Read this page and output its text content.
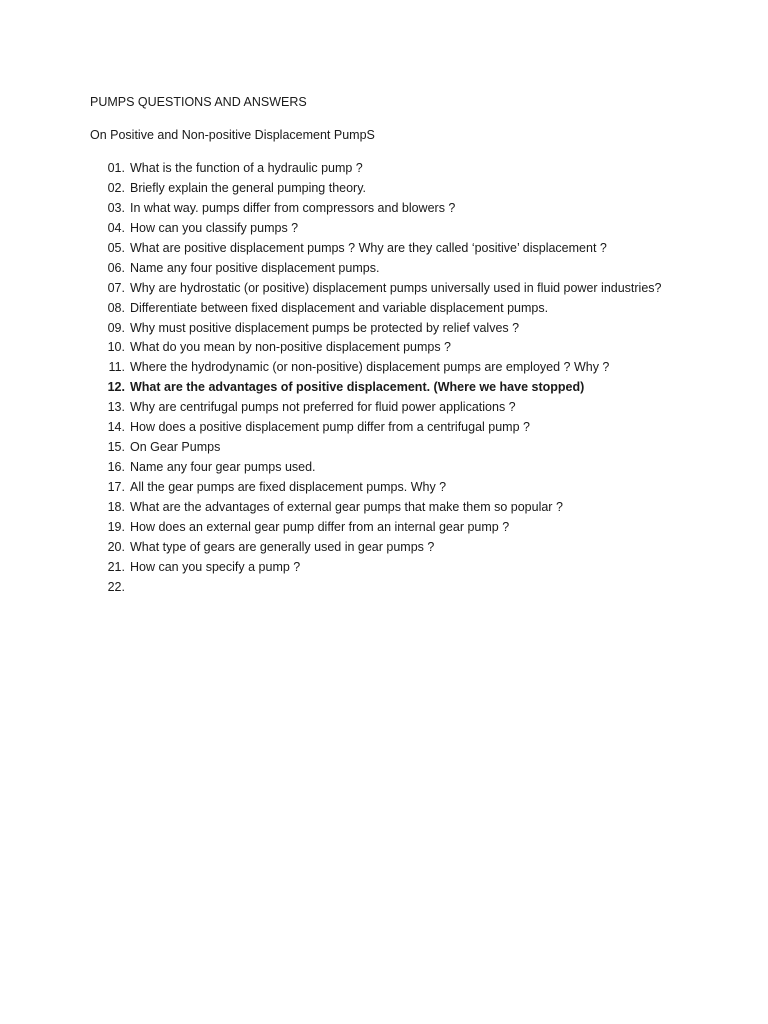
PUMPS QUESTIONS AND ANSWERS
On Positive and Non-positive Displacement PumpS
01. What is the function of a hydraulic pump ?
02. Briefly explain the general pumping theory.
03. In what way. pumps differ from compressors and blowers ?
04. How can you classify pumps ?
05. What are positive displacement pumps ? Why are they called ‘positive’ displacement ?
06. Name any four positive displacement pumps.
07. Why are hydrostatic (or positive) displacement pumps universally used in fluid power industries?
08. Differentiate between fixed displacement and variable displacement pumps.
09. Why must positive displacement pumps be protected by relief valves ?
10. What do you mean by non-positive displacement pumps ?
11. Where the hydrodynamic (or non-positive) displacement pumps are employed ? Why ?
12. What are the advantages of positive displacement. (Where we have stopped)
13. Why are centrifugal pumps not preferred for fluid power applications ?
14. How does a positive displacement pump differ from a centrifugal pump ?
15. On Gear Pumps
16. Name any four gear pumps used.
17. All the gear pumps are fixed displacement pumps. Why ?
18. What are the advantages of external gear pumps that make them so popular ?
19. How does an external gear pump differ from an internal gear pump ?
20. What type of gears are generally used in gear pumps ?
21. How can you specify a pump ?
22.
